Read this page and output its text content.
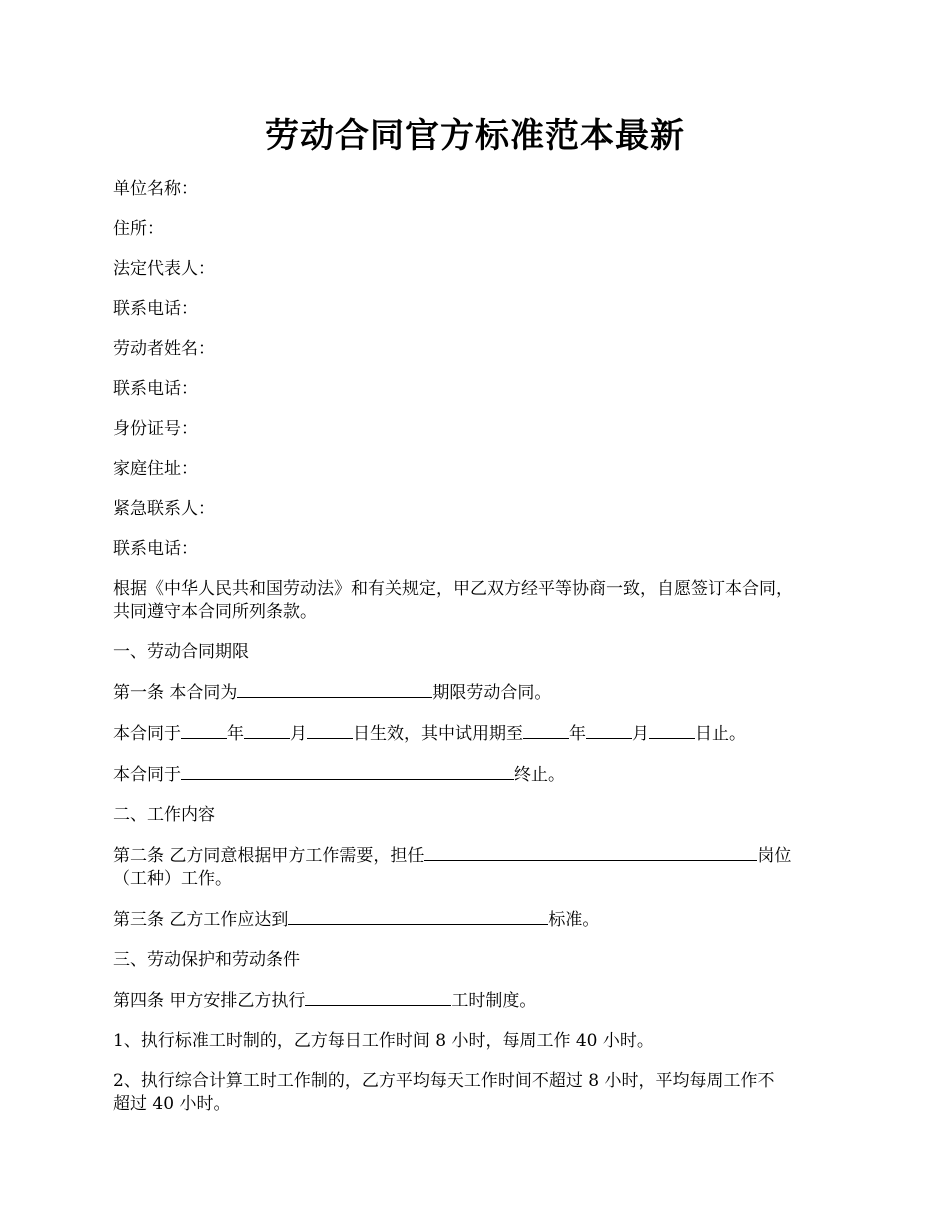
劳动合同官方标准范本最新

单位名称：

住所：

法定代表人：

联系电话：

劳动者姓名：

联系电话：

身份证号：

家庭住址：

紧急联系人：

联系电话：

根据《中华人民共和国劳动法》和有关规定，甲乙双方经平等协商一致，自愿签订本合同，

共同遵守本合同所列条款。

一、劳动合同期限

第一条 本合同为	期限劳动合同。

本合同于	年	月	日生效，其中试用期至	年	月	日止。

本合同于	终止。

二、工作内容

第二条 乙方同意根据甲方工作需要，担任	岗位

（工种）工作。

第三条 乙方工作应达到	标准。

三、劳动保护和劳动条件

第四条 甲方安排乙方执行	工时制度。

1、执行标准工时制的，乙方每日工作时间 8 小时，每周工作 40 小时。

2、执行综合计算工时工作制的，乙方平均每天工作时间不超过 8 小时，平均每周工作不

超过 40 小时。
